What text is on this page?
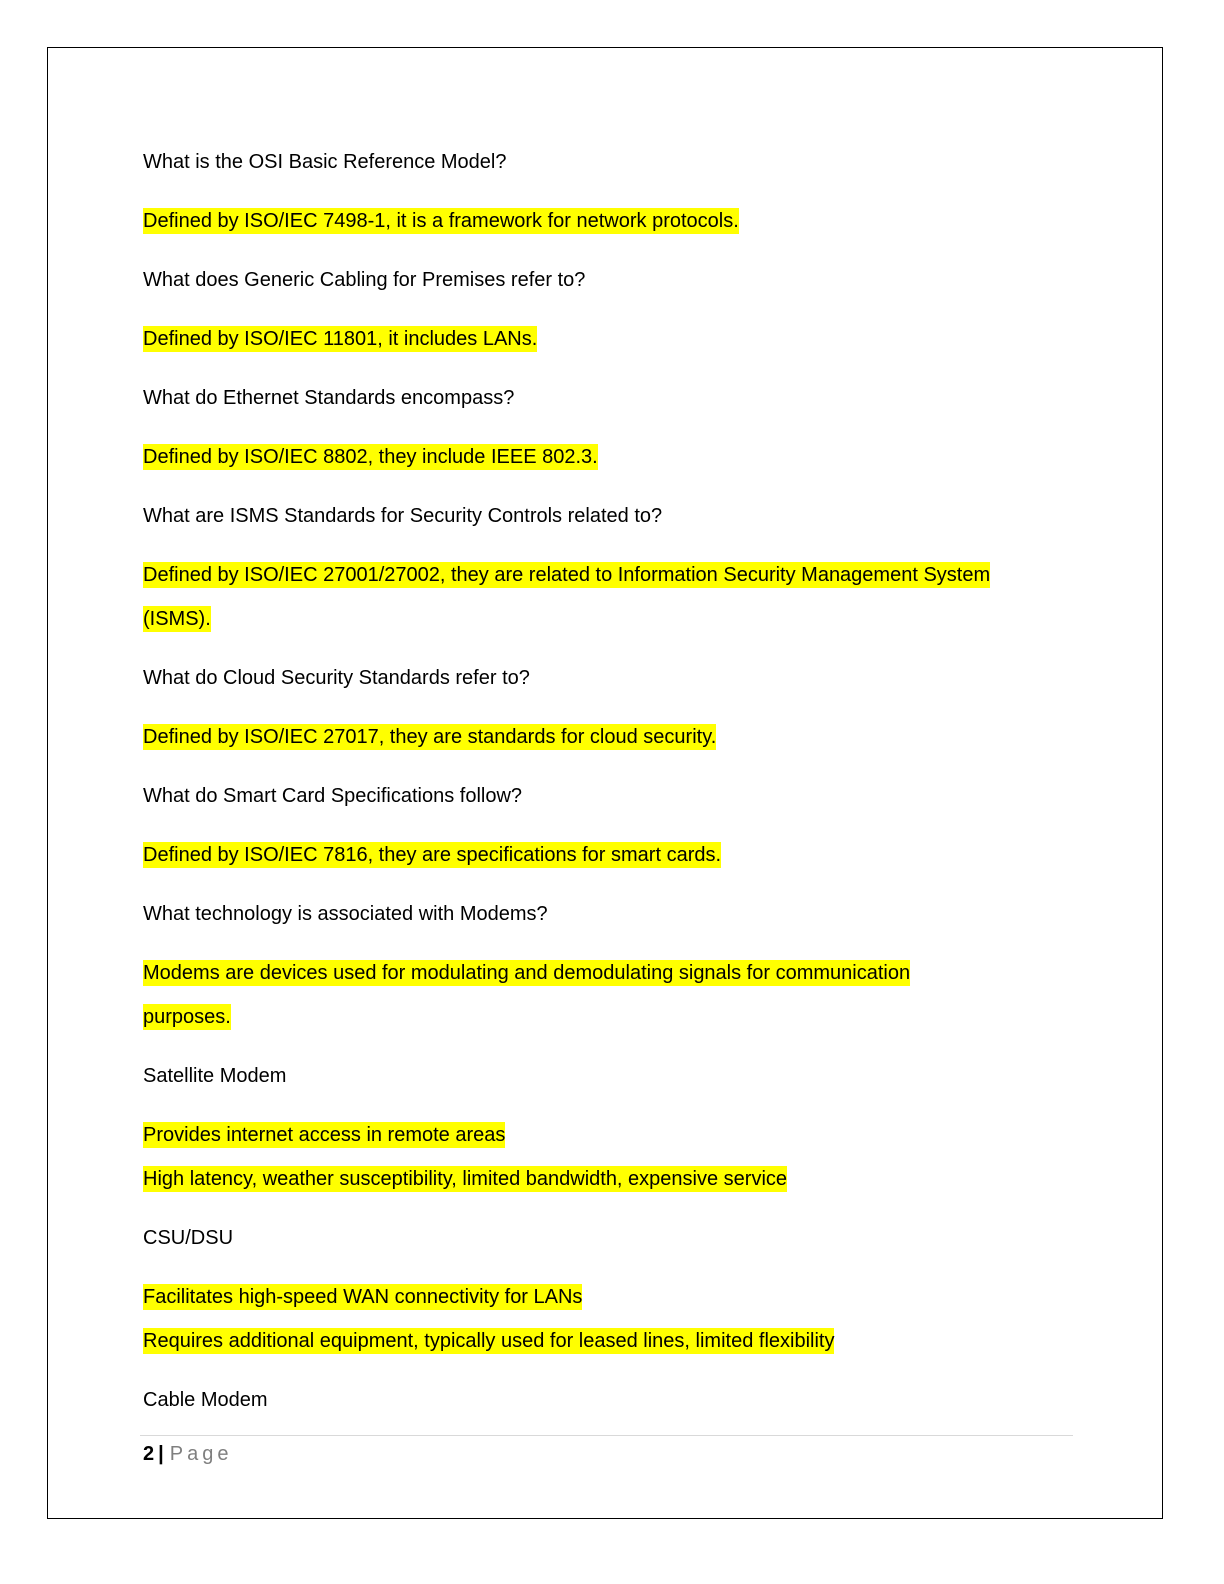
What is the OSI Basic Reference Model?
Defined by ISO/IEC 7498-1, it is a framework for network protocols.
What does Generic Cabling for Premises refer to?
Defined by ISO/IEC 11801, it includes LANs.
What do Ethernet Standards encompass?
Defined by ISO/IEC 8802, they include IEEE 802.3.
What are ISMS Standards for Security Controls related to?
Defined by ISO/IEC 27001/27002, they are related to Information Security Management System
(ISMS).
What do Cloud Security Standards refer to?
Defined by ISO/IEC 27017, they are standards for cloud security.
What do Smart Card Specifications follow?
Defined by ISO/IEC 7816, they are specifications for smart cards.
What technology is associated with Modems?
Modems are devices used for modulating and demodulating signals for communication
purposes.
Satellite Modem
Provides internet access in remote areas
High latency, weather susceptibility, limited bandwidth, expensive service
CSU/DSU
Facilitates high-speed WAN connectivity for LANs
Requires additional equipment, typically used for leased lines, limited flexibility
Cable Modem
2 | Page
